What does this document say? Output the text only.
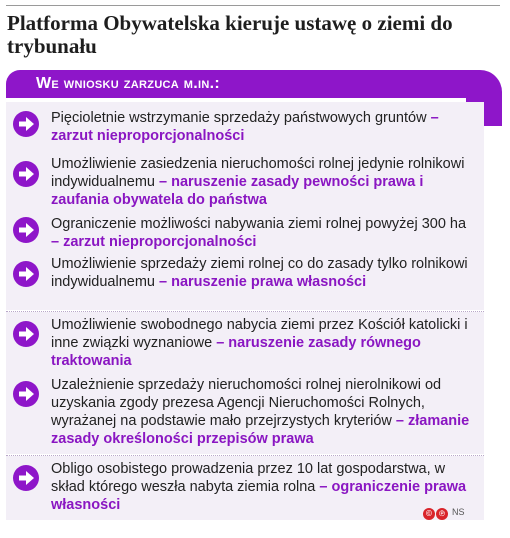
Platforma Obywatelska kieruje ustawę o ziemi do trybunału
We wniosku zarzuca m.in.:
Pięcioletnie wstrzymanie sprzedaży państwowych gruntów – zarzut nieproporcjonalności
Umożliwienie zasiedzenia nieruchomości rolnej jedynie rolnikowi indywidualnemu – naruszenie zasady pewności prawa i zaufania obywatela do państwa
Ograniczenie możliwości nabywania ziemi rolnej powyżej 300 ha – zarzut nieproporcjonalności
Umożliwienie sprzedaży ziemi rolnej co do zasady tylko rolnikowi indywidualnemu – naruszenie prawa własności
Umożliwienie swobodnego nabycia ziemi przez Kościół katolicki i inne związki wyznaniowe – naruszenie zasady równego traktowania
Uzależnienie sprzedaży nieruchomości rolnej nierolnikowi od uzyskania zgody prezesa Agencji Nieruchomości Rolnych, wyrażanej na podstawie mało przejrzystych kryteriów – złamanie zasady określoności przepisów prawa
Obligo osobistego prowadzenia przez 10 lat gospodarstwa, w skład którego weszła nabyta ziemia rolna – ograniczenie prawa własności
© ℗ NS
